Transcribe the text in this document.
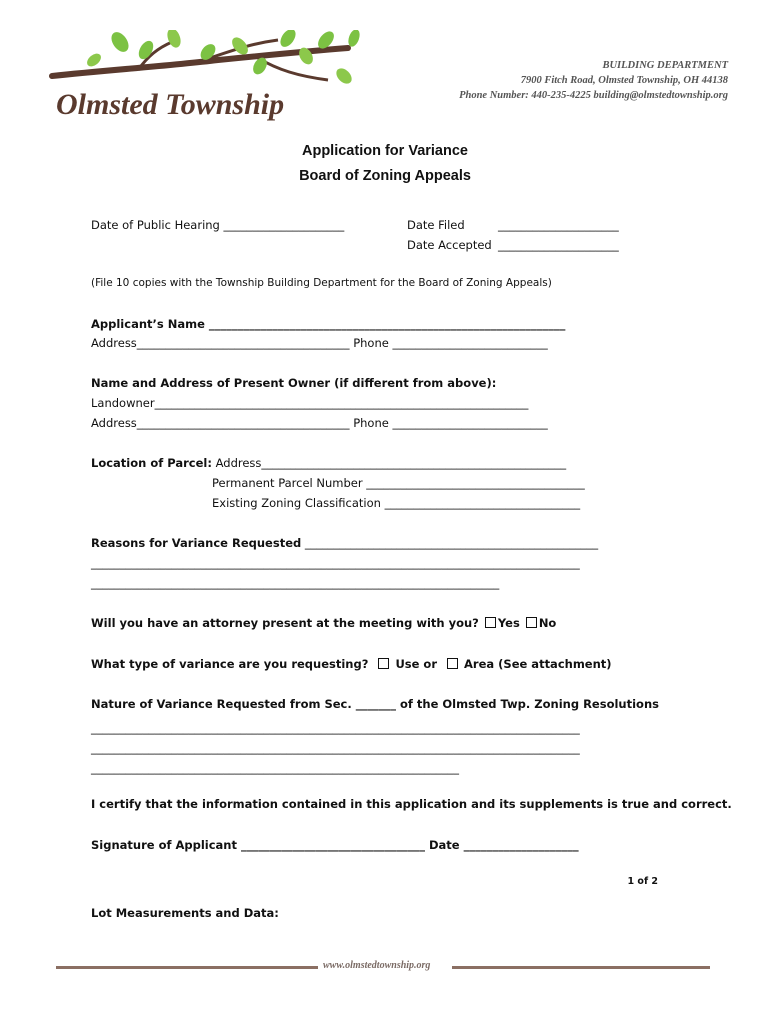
Olmsted Township
BUILDING DEPARTMENT
7900 Fitch Road, Olmsted Township, OH 44138
Phone Number: 440-235-4225 building@olmstedtownship.org
Application for Variance
Board of Zoning Appeals
Date of Public Hearing _____________________	Date Filed	_____________________
Date Accepted _____________________
(File 10 copies with the Township Building Department for the Board of Zoning Appeals)
Applicant’s Name ______________________________________________________________
Address_____________________________________ Phone ___________________________
Name and Address of Present Owner (if different from above):
Landowner_________________________________________________________________
Address_____________________________________ Phone ___________________________
Location of Parcel: Address_____________________________________________________
Permanent Parcel Number ______________________________________
Existing Zoning Classification __________________________________
Reasons for Variance Requested ___________________________________________________
_____________________________________________________________________________________
_______________________________________________________________________
Will you have an attorney present at the meeting with you? Yes No
What type of variance are you requesting? Use or Area (See attachment)
Nature of Variance Requested from Sec. _______ of the Olmsted Twp. Zoning Resolutions
_____________________________________________________________________________________
_____________________________________________________________________________________
________________________________________________________________
I certify that the information contained in this application and its supplements is true and correct.
Signature of Applicant ________________________________ Date ____________________
1 of 2
Lot Measurements and Data:
www.olmstedtownship.org
